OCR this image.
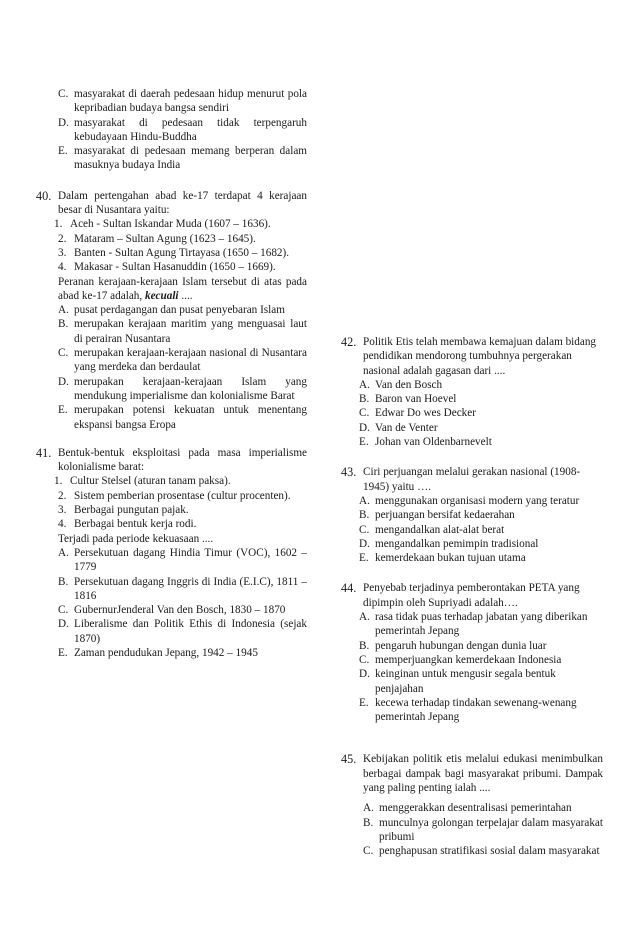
C. masyarakat di daerah pedesaan hidup menurut pola kepribadian budaya bangsa sendiri
D. masyarakat di pedesaan tidak terpengaruh kebudayaan Hindu-Buddha
E. masyarakat di pedesaan memang berperan dalam masuknya budaya India
40. Dalam pertengahan abad ke-17 terdapat 4 kerajaan besar di Nusantara yaitu:
1. Aceh - Sultan Iskandar Muda (1607 – 1636).
2. Mataram – Sultan Agung (1623 – 1645).
3. Banten - Sultan Agung Tirtayasa (1650 – 1682).
4. Makasar - Sultan Hasanuddin (1650 – 1669).
Peranan kerajaan-kerajaan Islam tersebut di atas pada abad ke-17 adalah, kecuali ....
A. pusat perdagangan dan pusat penyebaran Islam
B. merupakan kerajaan maritim yang menguasai laut di perairan Nusantara
C. merupakan kerajaan-kerajaan nasional di Nusantara yang merdeka dan berdaulat
D. merupakan kerajaan-kerajaan Islam yang mendukung imperialisme dan kolonialisme Barat
E. merupakan potensi kekuatan untuk menentang ekspansi bangsa Eropa
41. Bentuk-bentuk eksploitasi pada masa imperialisme kolonialisme barat:
1. Cultur Stelsel (aturan tanam paksa).
2. Sistem pemberian prosentase (cultur procenten).
3. Berbagai pungutan pajak.
4. Berbagai bentuk kerja rodi.
Terjadi pada periode kekuasaan ....
A. Persekutuan dagang Hindia Timur (VOC), 1602 – 1779
B. Persekutuan dagang Inggris di India (E.I.C), 1811 – 1816
C. GubernurJenderal Van den Bosch, 1830 – 1870
D. Liberalisme dan Politik Ethis di Indonesia (sejak 1870)
E. Zaman pendudukan Jepang, 1942 – 1945
42. Politik Etis telah membawa kemajuan dalam bidang pendidikan mendorong tumbuhnya pergerakan nasional adalah gagasan dari ....
A. Van den Bosch
B. Baron van Hoevel
C. Edwar Do wes Decker
D. Van de Venter
E. Johan van Oldenbarnevelt
43. Ciri perjuangan melalui gerakan nasional (1908-1945) yaitu ….
A. menggunakan organisasi modern yang teratur
B. perjuangan bersifat kedaerahan
C. mengandalkan alat-alat berat
D. mengandalkan pemimpin tradisional
E. kemerdekaan bukan tujuan utama
44. Penyebab terjadinya pemberontakan PETA yang dipimpin oleh Supriyadi adalah….
A. rasa tidak puas terhadap jabatan yang diberikan pemerintah Jepang
B. pengaruh hubungan dengan dunia luar
C. memperjuangkan kemerdekaan Indonesia
D. keinginan untuk mengusir segala bentuk penjajahan
E. kecewa terhadap tindakan sewenang-wenang pemerintah Jepang
45. Kebijakan politik etis melalui edukasi menimbulkan berbagai dampak bagi masyarakat pribumi. Dampak yang paling penting ialah ....
A. menggerakkan desentralisasi pemerintahan
B. munculnya golongan terpelajar dalam masyarakat pribumi
C. penghapusan stratifikasi sosial dalam masyarakat
